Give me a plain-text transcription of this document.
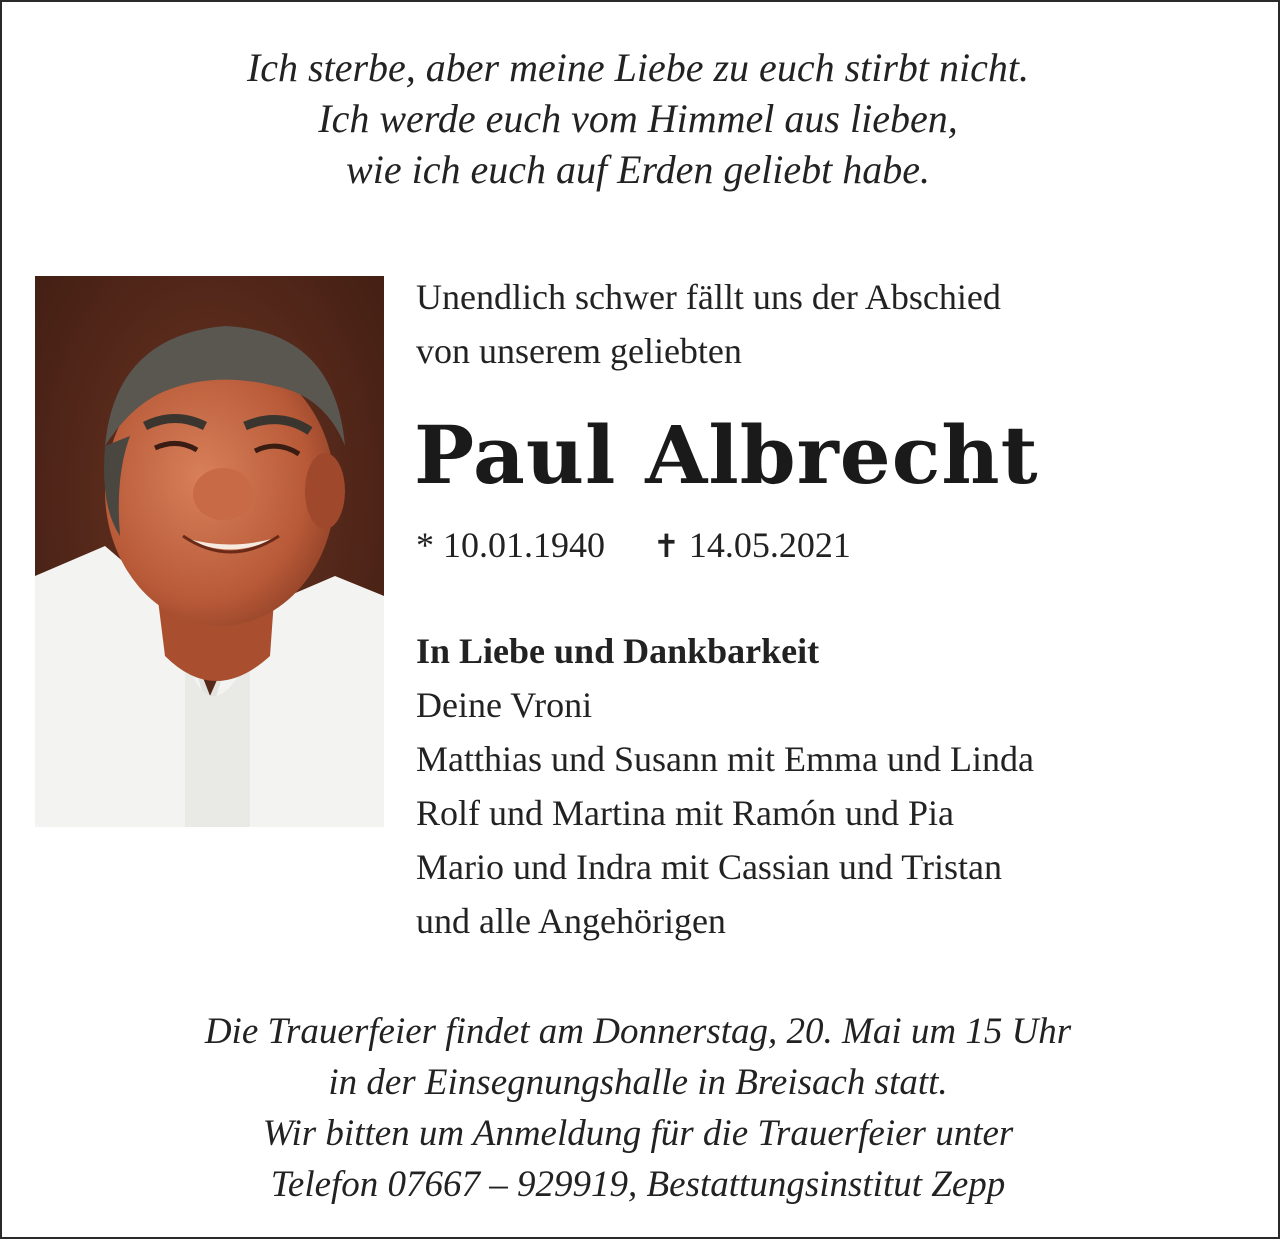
Ich sterbe, aber meine Liebe zu euch stirbt nicht.
Ich werde euch vom Himmel aus lieben,
wie ich euch auf Erden geliebt habe.
Unendlich schwer fällt uns der Abschied
von unserem geliebten
Paul Albrecht
* 10.01.1940 ✝ 14.05.2021
In Liebe und Dankbarkeit
Deine Vroni
Matthias und Susann mit Emma und Linda
Rolf und Martina mit Ramón und Pia
Mario und Indra mit Cassian und Tristan
und alle Angehörigen
Die Trauerfeier findet am Donnerstag, 20. Mai um 15 Uhr
in der Einsegnungshalle in Breisach statt.
Wir bitten um Anmeldung für die Trauerfeier unter
Telefon 07667 – 929919, Bestattungsinstitut Zepp
